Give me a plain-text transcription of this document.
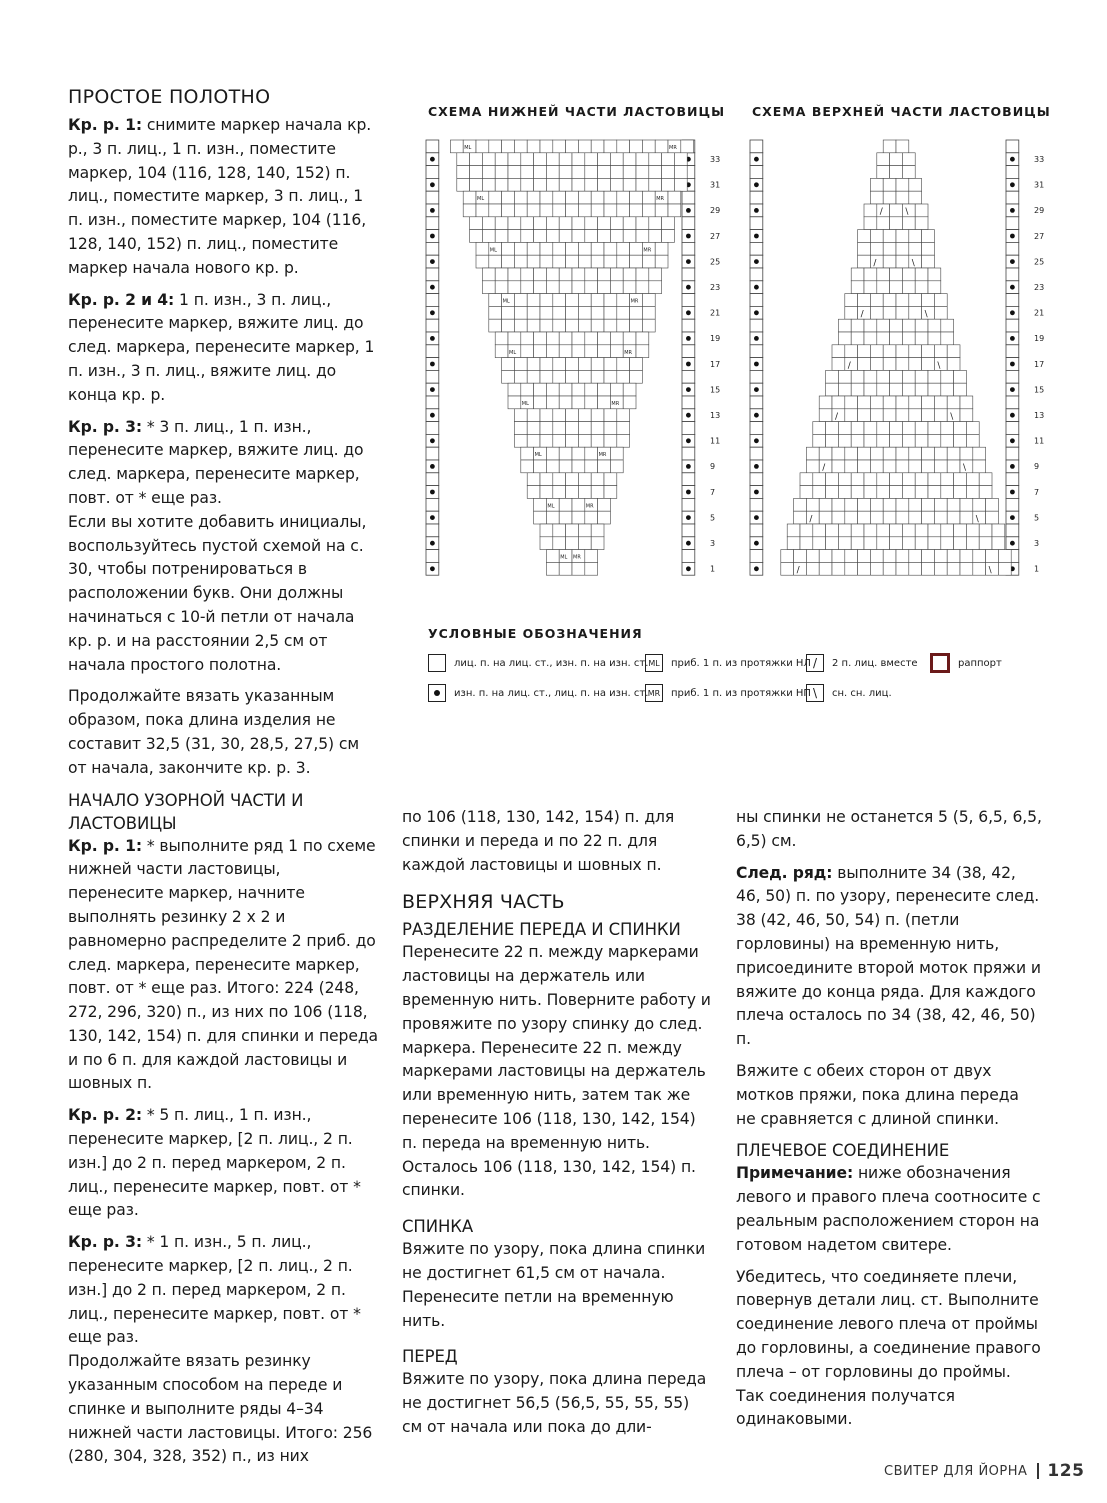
ПРОСТОЕ ПОЛОТНО

Кр. р. 1: снимите маркер начала кр. р., 3 п. лиц., 1 п. изн., поместите маркер, 104 (116, 128, 140, 152) п. лиц., поместите маркер, 3 п. лиц., 1 п. изн., поместите маркер, 104 (116, 128, 140, 152) п. лиц., поместите маркер начала нового кр. р.

Кр. р. 2 и 4: 1 п. изн., 3 п. лиц., перенесите маркер, вяжите лиц. до след. маркера, перенесите маркер, 1 п. изн., 3 п. лиц., вяжите лиц. до конца кр. р.

Кр. р. 3: * 3 п. лиц., 1 п. изн., перенесите маркер, вяжите лиц. до след. маркера, перенесите маркер, повт. от * еще раз.

Если вы хотите добавить инициалы, воспользуйтесь пустой схемой на с. 30, чтобы потренироваться в расположении букв. Они должны начинаться с 10-й петли от начала кр. р. и на расстоянии 2,5 см от начала простого полотна.

Продолжайте вязать указанным образом, пока длина изделия не составит 32,5 (31, 30, 28,5, 27,5) см от начала, закончите кр. р. 3.

НАЧАЛО УЗОРНОЙ ЧАСТИ И ЛАСТОВИЦЫ

Кр. р. 1: * выполните ряд 1 по схеме нижней части ластовицы, перенесите маркер, начните выполнять резинку 2 х 2 и равномерно распределите 2 приб. до след. маркера, перенесите маркер, повт. от * еще раз. Итого: 224 (248, 272, 296, 320) п., из них по 106 (118, 130, 142, 154) п. для спинки и переда и по 6 п. для каждой ластовицы и шовных п.

Кр. р. 2: * 5 п. лиц., 1 п. изн., перенесите маркер, [2 п. лиц., 2 п. изн.] до 2 п. перед маркером, 2 п. лиц., перенесите маркер, повт. от * еще раз.

Кр. р. 3: * 1 п. изн., 5 п. лиц., перенесите маркер, [2 п. лиц., 2 п. изн.] до 2 п. перед маркером, 2 п. лиц., перенесите маркер, повт. от * еще раз.

Продолжайте вязать резинку указанным способом на переде и спинке и выполните ряды 4–34 нижней части ластовицы. Итого: 256 (280, 304, 328, 352) п., из них

СХЕМА НИЖНЕЙ ЧАСТИ ЛАСТОВИЦЫ СХЕМА ВЕРХНЕЙ ЧАСТИ ЛАСТОВИЦЫ
1
3
5
7
9
11
13
15
17
19
21
23
25
27
29
31
33
ML	MR
ML	MR
ML	MR
ML	MR
ML	MR
ML	MR
ML	MR
ML	MR
ML MR
1
3
5
7
9
11
13
15
17
19
21
23
25
27
29
31
33
/	\
/	\
/	\
/	\
/	\
/	\
/	\
/	\
УСЛОВНЫЕ ОБОЗНАЧЕНИЯ
лиц. п. на лиц. ст., изн. п. на изн. ст.
изн. п. на лиц. ст., лиц. п. на изн. ст.
ML	приб. 1 п. из протяжки НЛ
MR приб. 1 п. из протяжки НП
/	2 п. лиц. вместе
\	сн. сн. лиц.
раппорт

по 106 (118, 130, 142, 154) п. для спинки и переда и по 22 п. для каждой ластовицы и шовных п.

ВЕРХНЯЯ ЧАСТЬ
РАЗДЕЛЕНИЕ ПЕРЕДА И СПИНКИ

Перенесите 22 п. между маркерами ластовицы на держатель или временную нить. Поверните работу и провяжите по узору спинку до след. маркера. Перенесите 22 п. между маркерами ластовицы на держатель или временную нить, затем так же перенесите 106 (118, 130, 142, 154) п. переда на временную нить. Осталось 106 (118, 130, 142, 154) п. спинки.

СПИНКА

Вяжите по узору, пока длина спинки не достигнет 61,5 см от начала. Перенесите петли на временную нить.

ПЕРЕД

Вяжите по узору, пока длина переда не достигнет 56,5 (56,5, 55, 55, 55) см от начала или пока до дли-

ны спинки не останется 5 (5, 6,5, 6,5, 6,5) см.

След. ряд: выполните 34 (38, 42, 46, 50) п. по узору, перенесите след. 38 (42, 46, 50, 54) п. (петли горловины) на временную нить, присоедините второй моток пряжи и вяжите до конца ряда. Для каждого плеча осталось по 34 (38, 42, 46, 50) п.

Вяжите с обеих сторон от двух мотков пряжи, пока длина переда не сравняется с длиной спинки.

ПЛЕЧЕВОЕ СОЕДИНЕНИЕ

Примечание: ниже обозначения левого и правого плеча соотносите с реальным расположением сторон на готовом надетом свитере.

Убедитесь, что соединяете плечи, повернув детали лиц. ст. Выполните соединение левого плеча от проймы до горловины, а соединение правого плеча – от горловины до проймы. Так соединения получатся одинаковыми.

СВИТЕР ДЛЯ ЙОРНА 125
